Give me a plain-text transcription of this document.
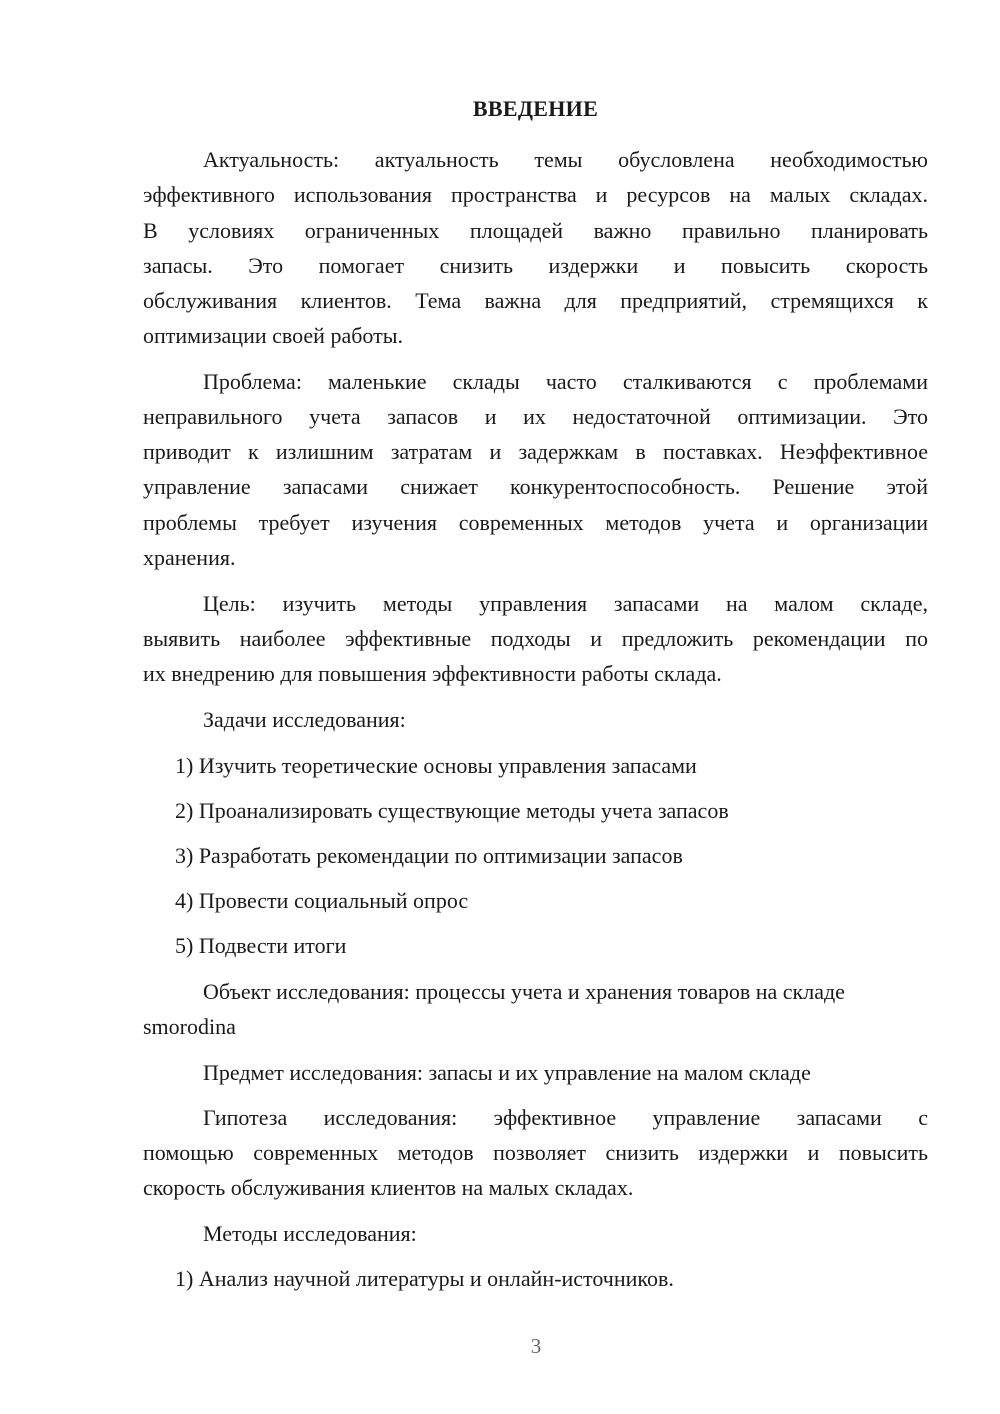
ВВЕДЕНИЕ
Актуальность: актуальность темы обусловлена необходимостью
эффективного использования пространства и ресурсов на малых складах.
В условиях ограниченных площадей важно правильно планировать
запасы. Это помогает снизить издержки и повысить скорость
обслуживания клиентов. Тема важна для предприятий, стремящихся к
оптимизации своей работы.
Проблема: маленькие склады часто сталкиваются с проблемами
неправильного учета запасов и их недостаточной оптимизации. Это
приводит к излишним затратам и задержкам в поставках. Неэффективное
управление запасами снижает конкурентоспособность. Решение этой
проблемы требует изучения современных методов учета и организации
хранения.
Цель: изучить методы управления запасами на малом складе,
выявить наиболее эффективные подходы и предложить рекомендации по
их внедрению для повышения эффективности работы склада.
Задачи исследования:
1) Изучить теоретические основы управления запасами
2) Проанализировать существующие методы учета запасов
3) Разработать рекомендации по оптимизации запасов
4) Провести социальный опрос
5) Подвести итоги
Объект исследования: процессы учета и хранения товаров на складе
smorodina
Предмет исследования: запасы и их управление на малом складе
Гипотеза исследования: эффективное управление запасами с
помощью современных методов позволяет снизить издержки и повысить
скорость обслуживания клиентов на малых складах.
Методы исследования:
1) Анализ научной литературы и онлайн-источников.
3
